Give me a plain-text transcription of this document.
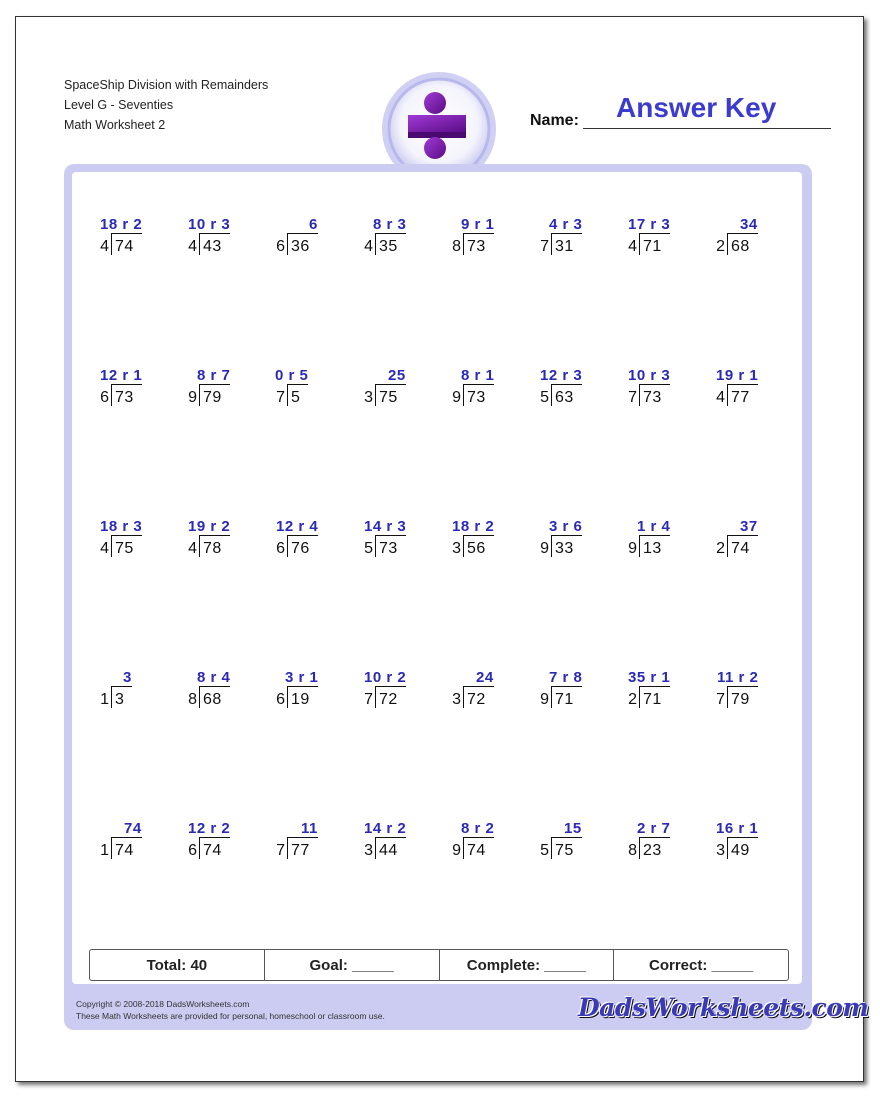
SpaceShip Division with Remainders
Level G - Seventies
Math Worksheet 2
Answer Key
Name:
18 r 2
4 74
10 r 3
4 43
6
6 36
8 r 3
4 35
9 r 1
8 73
4 r 3
7 31
17 r 3
4 71
34
2 68
12 r 1
6 73
8 r 7
9 79
0 r 5
7 5
25
3 75
8 r 1
9 73
12 r 3
5 63
10 r 3
7 73
19 r 1
4 77
18 r 3
4 75
19 r 2
4 78
12 r 4
6 76
14 r 3
5 73
18 r 2
3 56
3 r 6
9 33
1 r 4
9 13
37
2 74
3
1 3
8 r 4
8 68
3 r 1
6 19
10 r 2
7 72
24
3 72
7 r 8
9 71
35 r 1
2 71
11 r 2
7 79
74
1 74
12 r 2
6 74
11
7 77
14 r 2
3 44
8 r 2
9 74
15
5 75
2 r 7
8 23
16 r 1
3 49
Total: 40	Goal: _____	Complete: _____	Correct: _____
Copyright © 2008-2018 DadsWorksheets.com
These Math Worksheets are provided for personal, homeschool or classroom use.	DadsWorksheets.com
